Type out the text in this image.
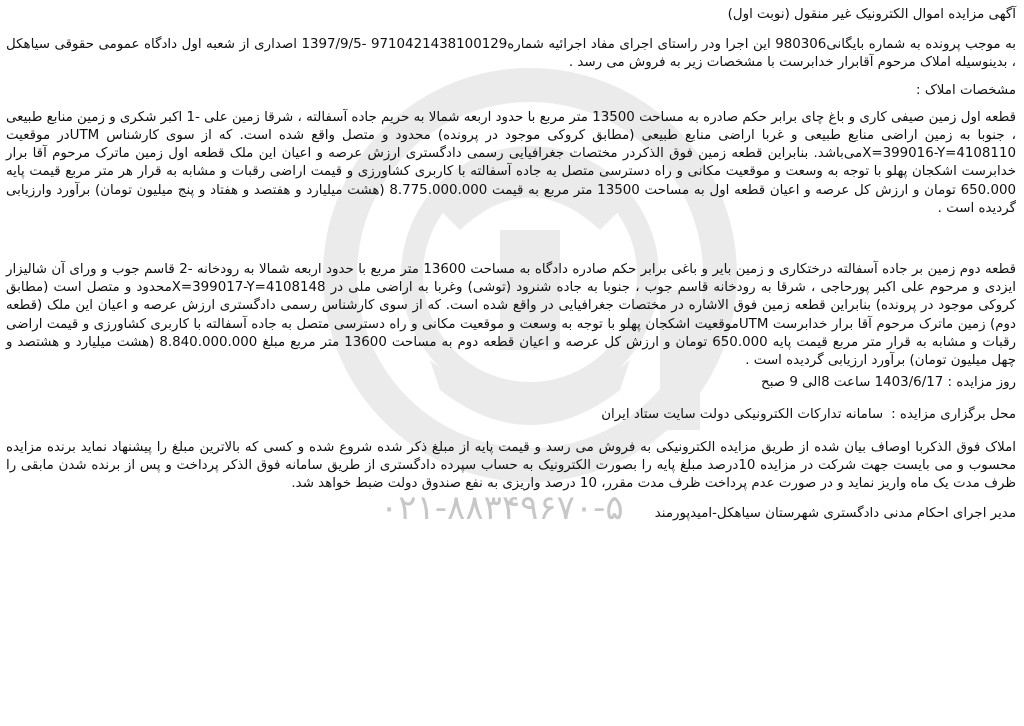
۰۲۱-۸۸۳۴۹۶۷۰-۵

آگهی مزایده اموال الکترونیک غیر منقول (نوبت اول)

به موجب پرونده به شماره بایگانی980306 این اجرا ودر راستای اجرای مفاد اجرائیه شماره9710421438100129 -1397/9/5 اصداری از شعبه اول دادگاه عمومی حقوقی سیاهکل ، بدینوسیله املاک مرحوم آقابرار خدابرست با مشخصات زیر به فروش می رسد .

مشخصات املاک :

قطعه اول زمین صیفی کاری و باغ چای برابر حکم صادره به مساحت 13500 متر مربع با حدود اربعه شمالا به حریم جاده آسفالته ، شرقا زمین علی -1 اکبر شکری و زمین منابع طبیعی ، جنوبا به زمین اراضی منابع طبیعی و غربا اراضی منابع طبیعی (مطابق کروکی موجود در پرونده) محدود و متصل واقع شده است. که از سوی کارشناس UTMدر موقعیت X=399016-Y=4108110می‌باشد. بنابراین قطعه زمین فوق الذکردر مختصات جغرافیایی رسمی دادگستری ارزش عرصه و اعیان این ملک قطعه اول زمین ماترک مرحوم آقا برار خدابرست اشکجان پهلو با توجه به وسعت و موقعیت مکانی و راه دسترسی متصل به جاده آسفالته با کاربری کشاورزی و قیمت اراضی رقبات و مشابه به قرار هر متر مربع قیمت پایه 650.000 تومان و ارزش کل عرصه و اعیان قطعه اول به مساحت 13500 متر مربع به قیمت 8.775.000.000 (هشت میلیارد و هفتصد و هفتاد و پنج میلیون تومان) برآورد وارزیابی گردیده است .

قطعه دوم زمین بر جاده آسفالته درختکاری و زمین بایر و باغی برابر حکم صادره دادگاه به مساحت 13600 متر مربع با حدود اربعه شمالا به رودخانه -2 قاسم جوب و ورای آن شالیزار ایزدی و مرحوم علی اکبر پورحاجی ، شرقا به رودخانه قاسم جوب ، جنوبا به جاده شنرود (توشی) وغربا به اراضی ملی در X=399017-Y=4108148محدود و متصل است (مطابق کروکی موجود در پرونده) بنابراین قطعه زمین فوق الاشاره در مختصات جغرافیایی در واقع شده است. که از سوی کارشناس رسمی دادگستری ارزش عرصه و اعیان این ملک (قطعه دوم) زمین ماترک مرحوم آقا برار خدابرست UTMموقعیت اشکجان پهلو با توجه به وسعت و موقعیت مکانی و راه دسترسی متصل به جاده آسفالته با کاربری کشاورزی و قیمت اراضی رقبات و مشابه به قرار متر مربع قیمت پایه 650.000 تومان و ارزش کل عرصه و اعیان قطعه دوم به مساحت 13600 متر مربع مبلغ 8.840.000.000 (هشت میلیارد و هشتصد و چهل میلیون تومان) برآورد ارزیابی گردیده است .

روز مزایده : 1403/6/17 ساعت 8الی 9 صبح

محل برگزاری مزایده :سامانه تدارکات الکترونیکی دولت سایت ستاد ایران

املاک فوق الذکربا اوصاف بیان شده از طریق مزایده الکترونیکی به فروش می رسد و قیمت پایه از مبلغ ذکر شده شروع شده و کسی که بالاترین مبلغ را پیشنهاد نماید برنده مزایده محسوب و می بایست جهت شرکت در مزایده 10درصد مبلغ پایه را بصورت الکترونیک به حساب سپرده دادگستری از طریق سامانه فوق الذکر پرداخت و پس از برنده شدن مابقی را ظرف مدت یک ماه واریز نماید و در صورت عدم پرداخت ظرف مدت مقرر، 10 درصد واریزی به نفع صندوق دولت ضبط خواهد شد.

مدیر اجرای احکام مدنی دادگستری شهرستان سیاهکل-امیدپورمند
